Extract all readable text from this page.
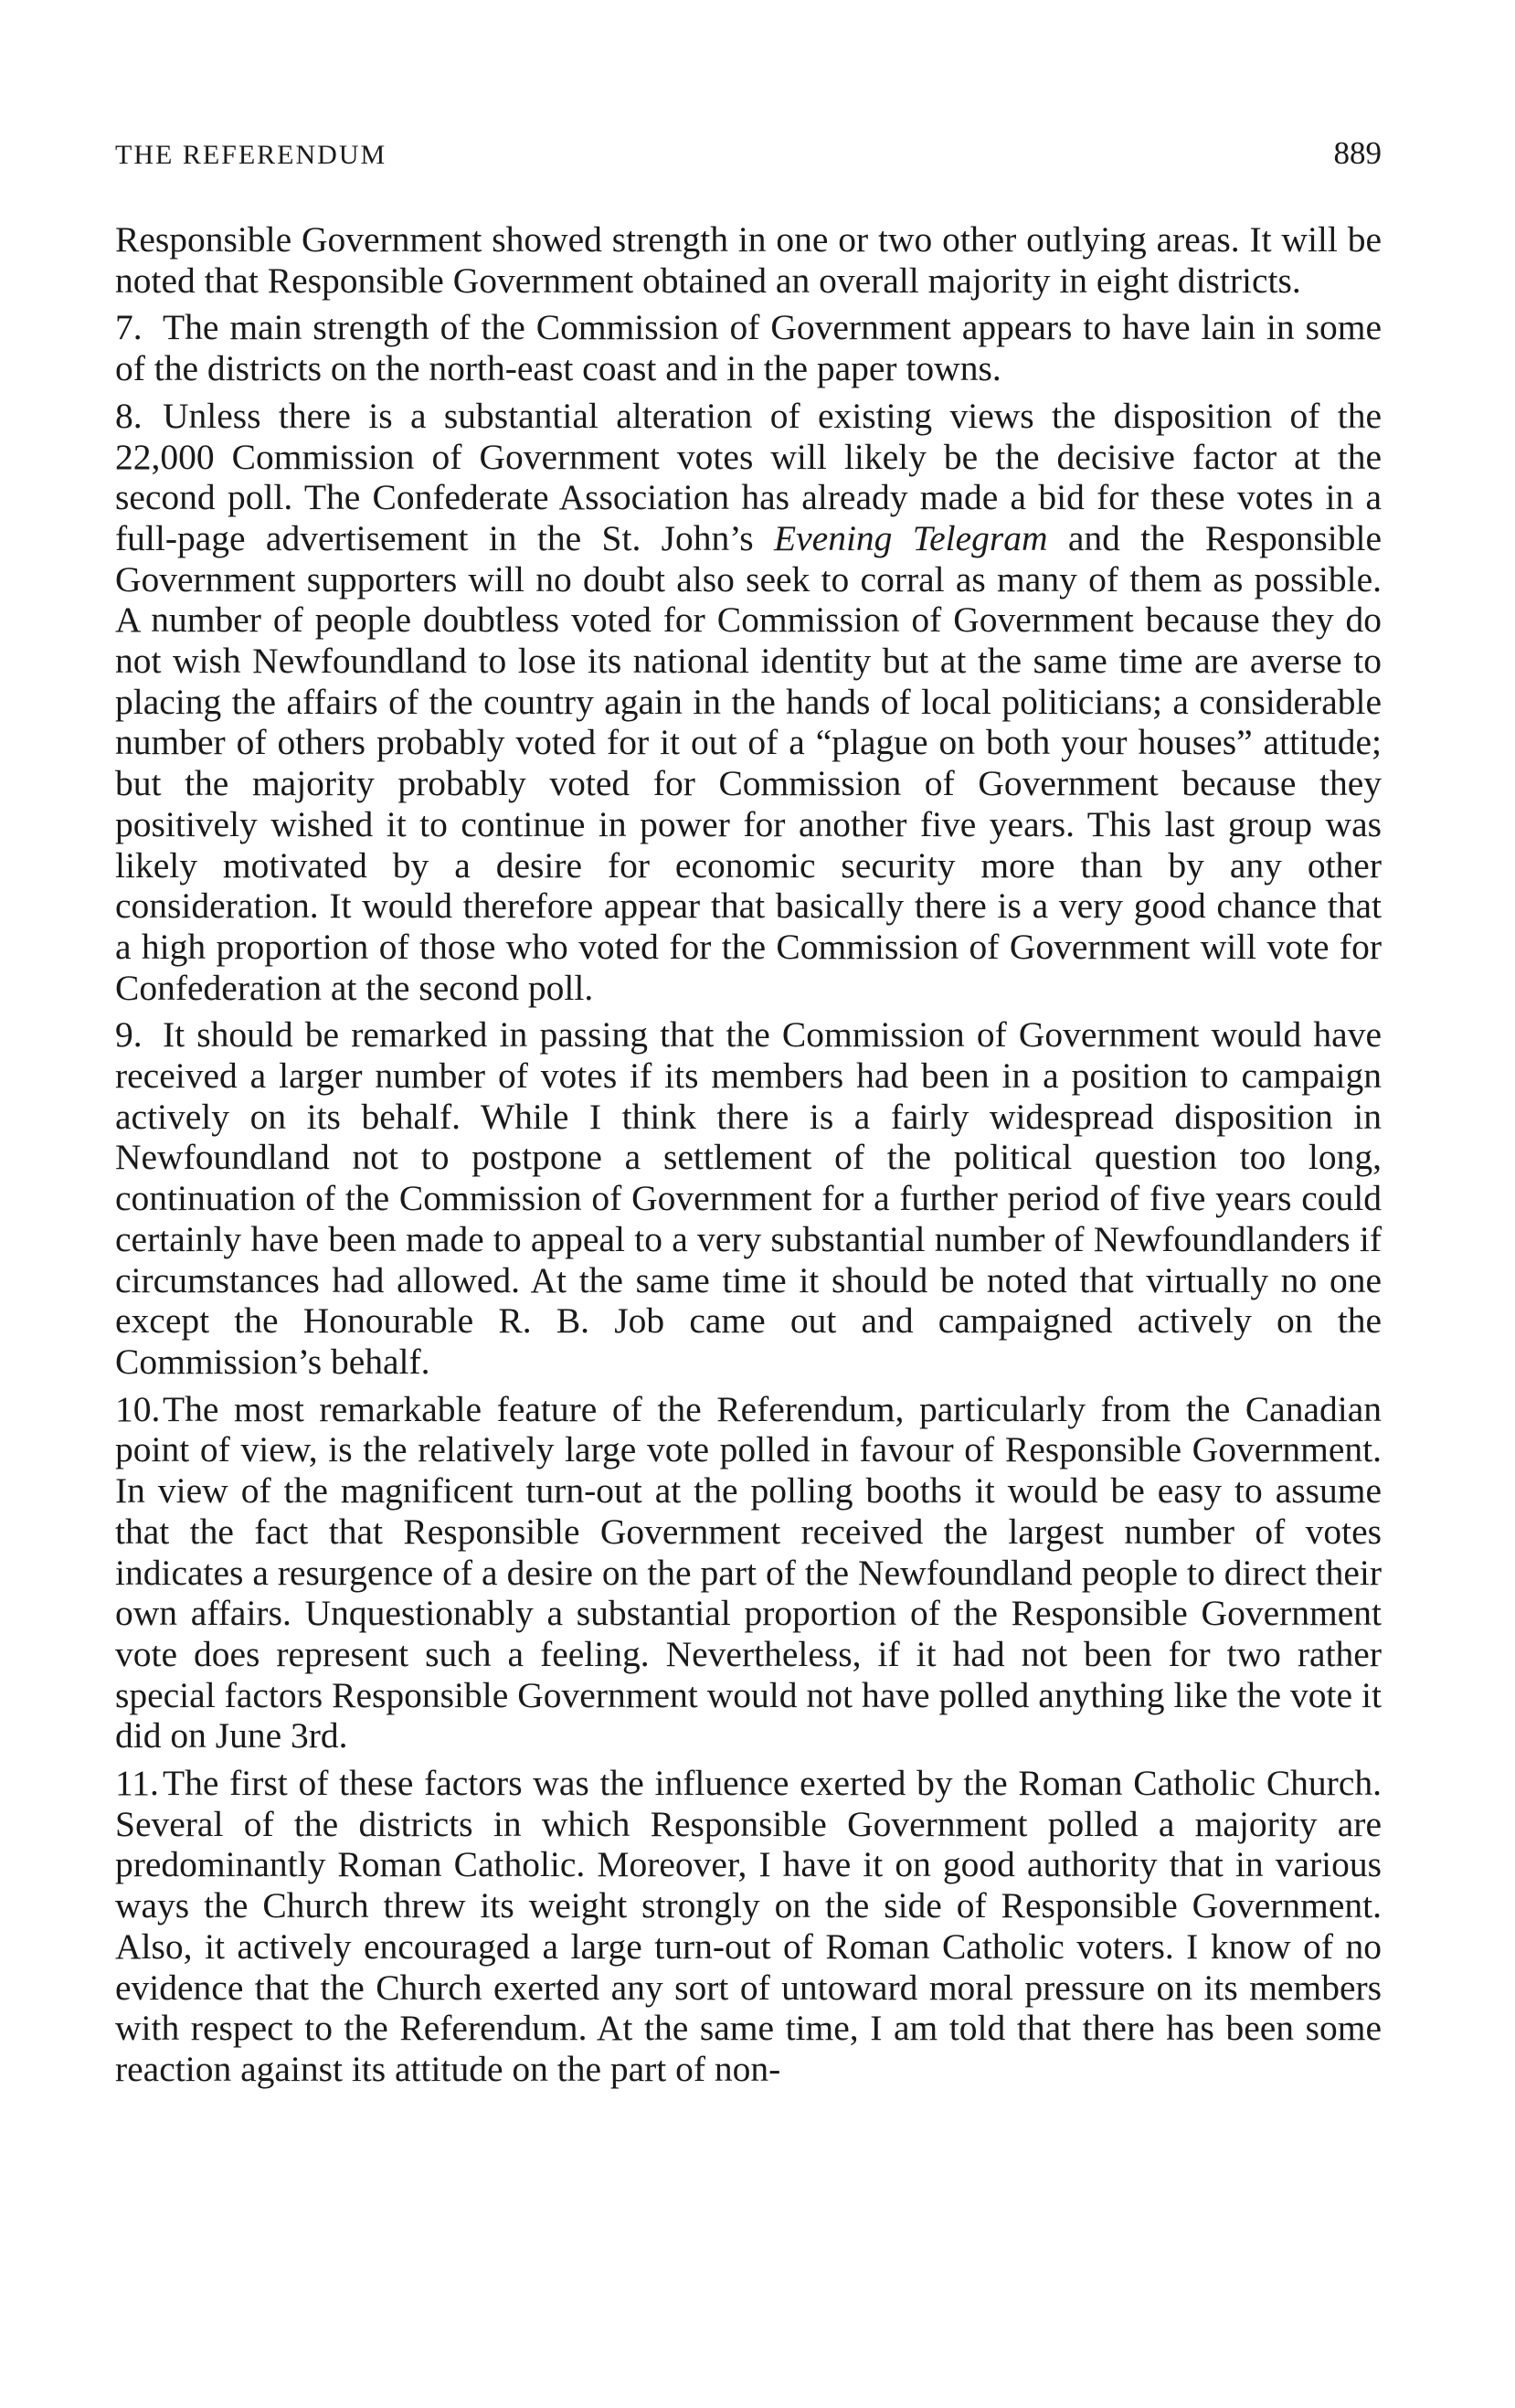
THE REFERENDUM	889

Responsible Government showed strength in one or two other outlying areas. It will be noted that Responsible Government obtained an overall majority in eight districts.

7. The main strength of the Commission of Government appears to have lain in some of the districts on the north-east coast and in the paper towns.

8. Unless there is a substantial alteration of existing views the disposition of the 22,000 Commission of Government votes will likely be the decisive factor at the second poll. The Confederate Association has already made a bid for these votes in a full-page advertisement in the St. John’s Evening Telegram and the Responsible Government supporters will no doubt also seek to corral as many of them as possible. A number of people doubtless voted for Commission of Government because they do not wish Newfoundland to lose its national identity but at the same time are averse to placing the affairs of the country again in the hands of local politicians; a considerable number of others probably voted for it out of a “plague on both your houses” attitude; but the majority probably voted for Commission of Government because they positively wished it to continue in power for another five years. This last group was likely motivated by a desire for economic security more than by any other consideration. It would therefore appear that basically there is a very good chance that a high proportion of those who voted for the Commission of Government will vote for Confederation at the second poll.

9. It should be remarked in passing that the Commission of Government would have received a larger number of votes if its members had been in a position to campaign actively on its behalf. While I think there is a fairly widespread disposition in Newfoundland not to postpone a settlement of the political question too long, continuation of the Commission of Government for a further period of five years could certainly have been made to appeal to a very substantial number of Newfoundlanders if circumstances had allowed. At the same time it should be noted that virtually no one except the Honourable R. B. Job came out and campaigned actively on the Commission’s behalf.

10.The most remarkable feature of the Referendum, particularly from the Canadian point of view, is the relatively large vote polled in favour of Responsible Government. In view of the magnificent turn-out at the polling booths it would be easy to assume that the fact that Responsible Government received the largest number of votes indicates a resurgence of a desire on the part of the Newfoundland people to direct their own affairs. Unquestionably a substantial proportion of the Responsible Government vote does represent such a feeling. Nevertheless, if it had not been for two rather special factors Responsible Government would not have polled anything like the vote it did on June 3rd.

11. The first of these factors was the influence exerted by the Roman Catholic Church. Several of the districts in which Responsible Government polled a majority are predominantly Roman Catholic. Moreover, I have it on good authority that in various ways the Church threw its weight strongly on the side of Responsible Government. Also, it actively encouraged a large turn-out of Roman Catholic voters. I know of no evidence that the Church exerted any sort of untoward moral pressure on its members with respect to the Referendum. At the same time, I am told that there has been some reaction against its attitude on the part of non-
